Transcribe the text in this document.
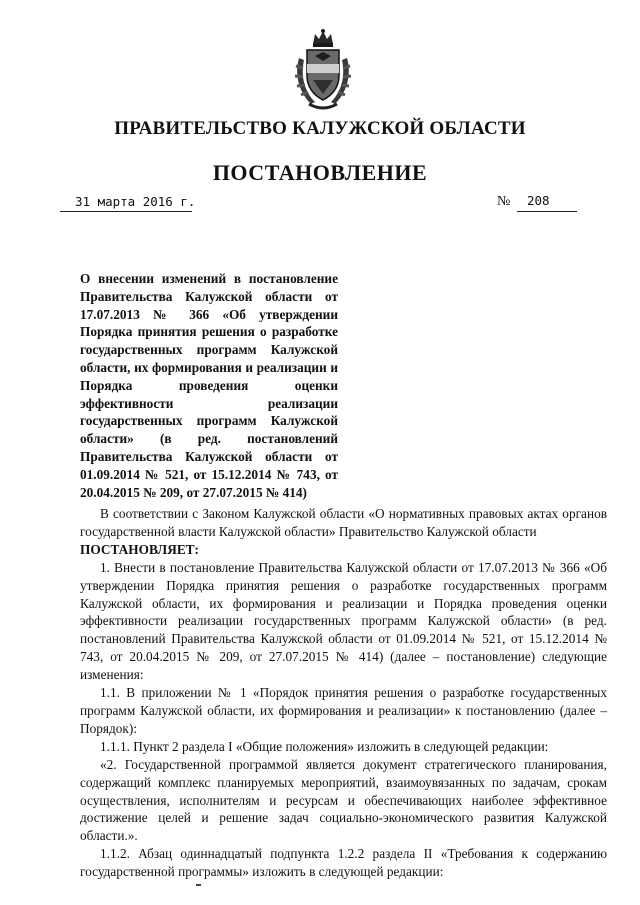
ПРАВИТЕЛЬСТВО КАЛУЖСКОЙ ОБЛАСТИ
ПОСТАНОВЛЕНИЕ
31 марта 2016 г.	№ 208

О внесении изменений в постановление Правительства Калужской области от 17.07.2013 № 366 «Об утверждении Порядка принятия решения о разработке государственных программ Калужской области, их формирования и реализации и Порядка проведения оценки эффективности реализации государственных программ Калужской области» (в ред. постановлений Правительства Калужской области от 01.09.2014 № 521, от 15.12.2014 № 743, от 20.04.2015 № 209, от 27.07.2015 № 414)

В соответствии с Законом Калужской области «О нормативных правовых актах органов государственной власти Калужской области» Правительство Калужской области
ПОСТАНОВЛЯЕТ:

1. Внести в постановление Правительства Калужской области от 17.07.2013 № 366 «Об утверждении Порядка принятия решения о разработке государственных программ Калужской области, их формирования и реализации и Порядка проведения оценки эффективности реализации государственных программ Калужской области» (в ред. постановлений Правительства Калужской области от 01.09.2014 № 521, от 15.12.2014 № 743, от 20.04.2015 № 209, от 27.07.2015 № 414) (далее – постановление) следующие изменения:

1.1. В приложении № 1 «Порядок принятия решения о разработке государственных программ Калужской области, их формирования и реализации» к постановлению (далее – Порядок):

1.1.1. Пункт 2 раздела I «Общие положения» изложить в следующей редакции:

«2. Государственной программой является документ стратегического планирования, содержащий комплекс планируемых мероприятий, взаимоувязанных по задачам, срокам осуществления, исполнителям и ресурсам и обеспечивающих наиболее эффективное достижение целей и решение задач социально-экономического развития Калужской области.».

1.1.2. Абзац одиннадцатый подпункта 1.2.2 раздела II «Требования к содержанию государственной программы» изложить в следующей редакции:
